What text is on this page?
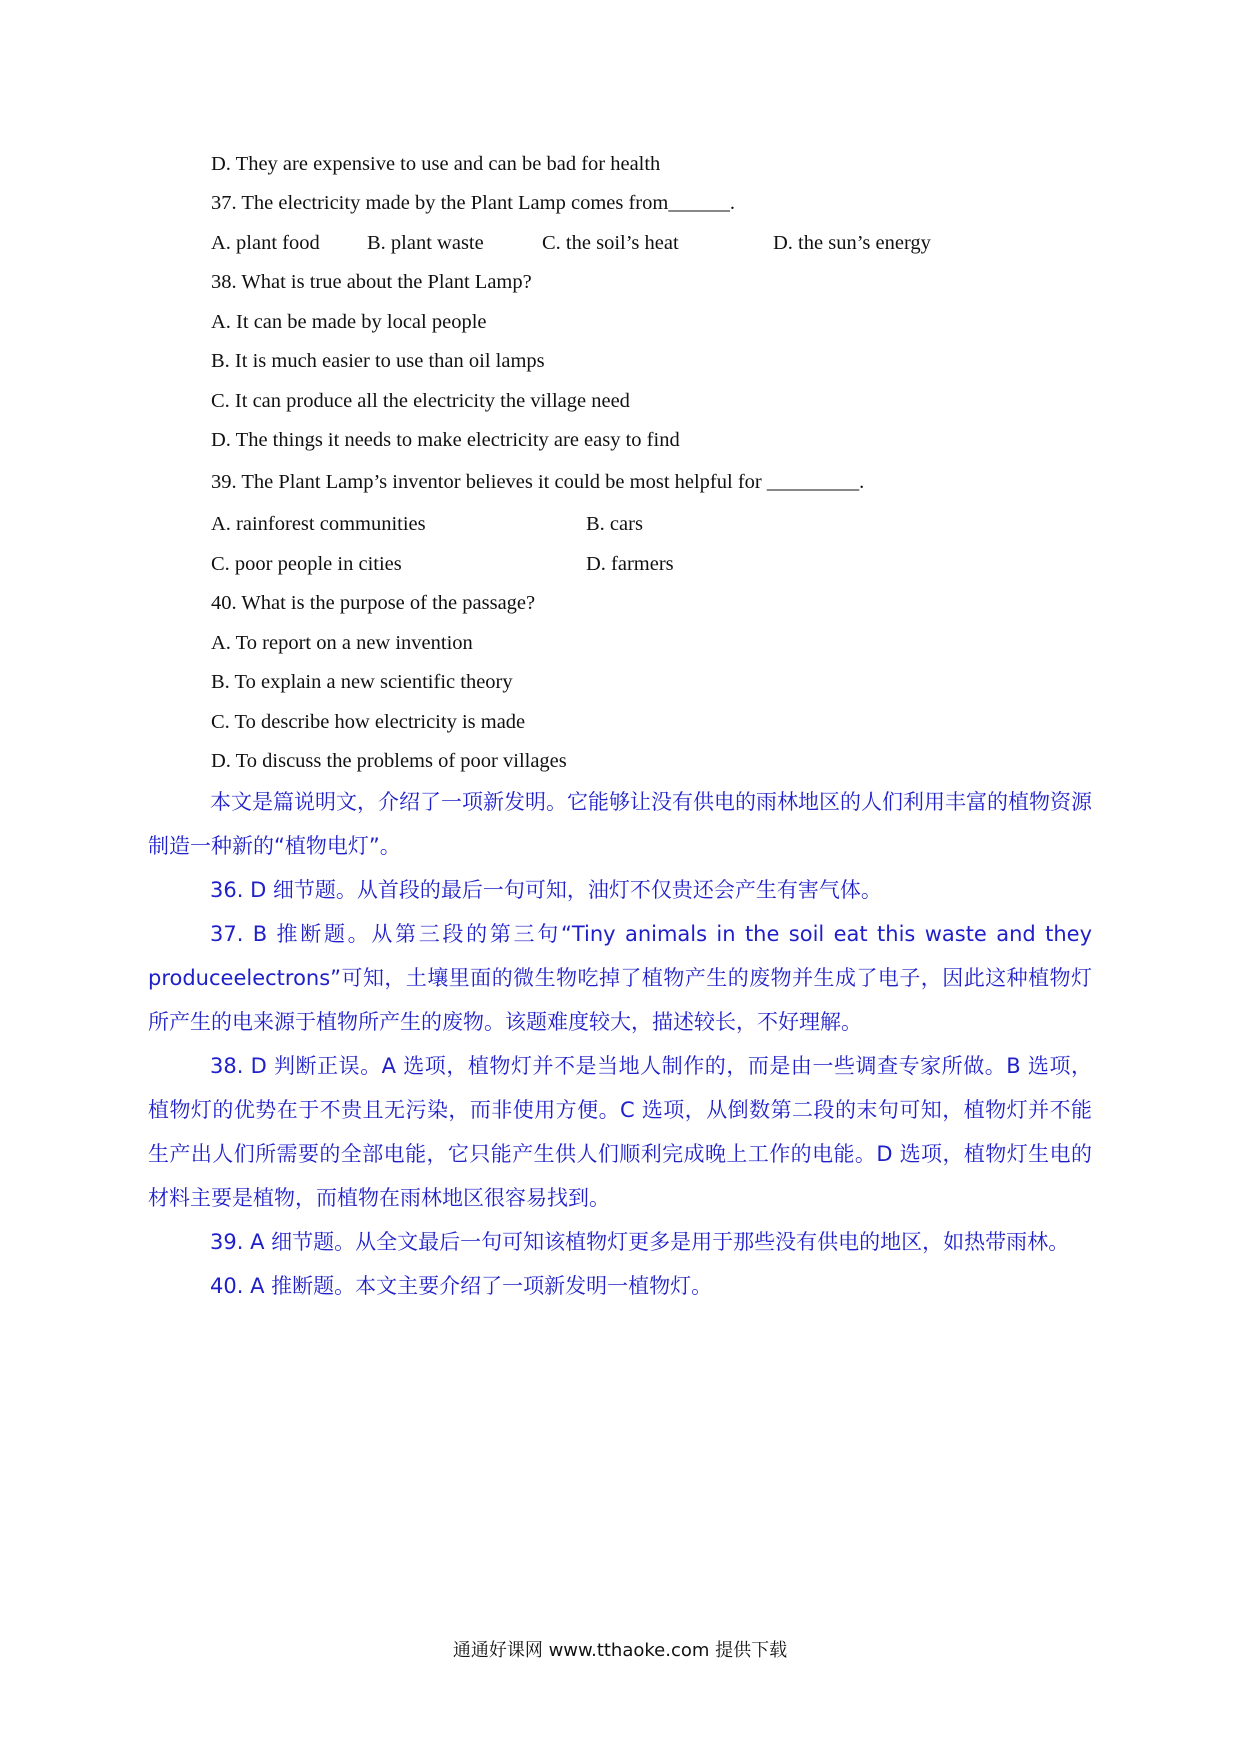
D. They are expensive to use and can be bad for health
37. The electricity made by the Plant Lamp comes from______.
A. plant food B. plant waste	C. the soil’s heat	D. the sun’s energy
38. What is true about the Plant Lamp?
A. It can be made by local people
B. It is much easier to use than oil lamps
C. It can produce all the electricity the village need
D. The things it needs to make electricity are easy to find
39. The Plant Lamp’s inventor believes it could be most helpful for _________.
A. rainforest communities	B. cars
C. poor people in cities	D. farmers
40. What is the purpose of the passage?
A. To report on a new invention
B. To explain a new scientific theory
C. To describe how electricity is made
D. To discuss the problems of poor villages

本文是篇说明文，介绍了一项新发明。它能够让没有供电的雨林地区的人们利用丰富的植物资源制造一种新的“植物电灯”。

36. D 细节题。从首段的最后一句可知，油灯不仅贵还会产生有害气体。

37. B 推断题。从第三段的第三句“Tiny animals in the soil eat this waste and they produceelectrons”可知，土壤里面的微生物吃掉了植物产生的废物并生成了电子，因此这种植物灯所产生的电来源于植物所产生的废物。该题难度较大，描述较长，不好理解。

38. D 判断正误。A 选项，植物灯并不是当地人制作的，而是由一些调查专家所做。B 选项，植物灯的优势在于不贵且无污染，而非使用方便。C 选项，从倒数第二段的末句可知，植物灯并不能生产出人们所需要的全部电能，它只能产生供人们顺利完成晚上工作的电能。D 选项，植物灯生电的材料主要是植物，而植物在雨林地区很容易找到。

39. A 细节题。从全文最后一句可知该植物灯更多是用于那些没有供电的地区，如热带雨林。

40. A 推断题。本文主要介绍了一项新发明一植物灯。

通通好课网 www.tthaoke.com 提供下载
